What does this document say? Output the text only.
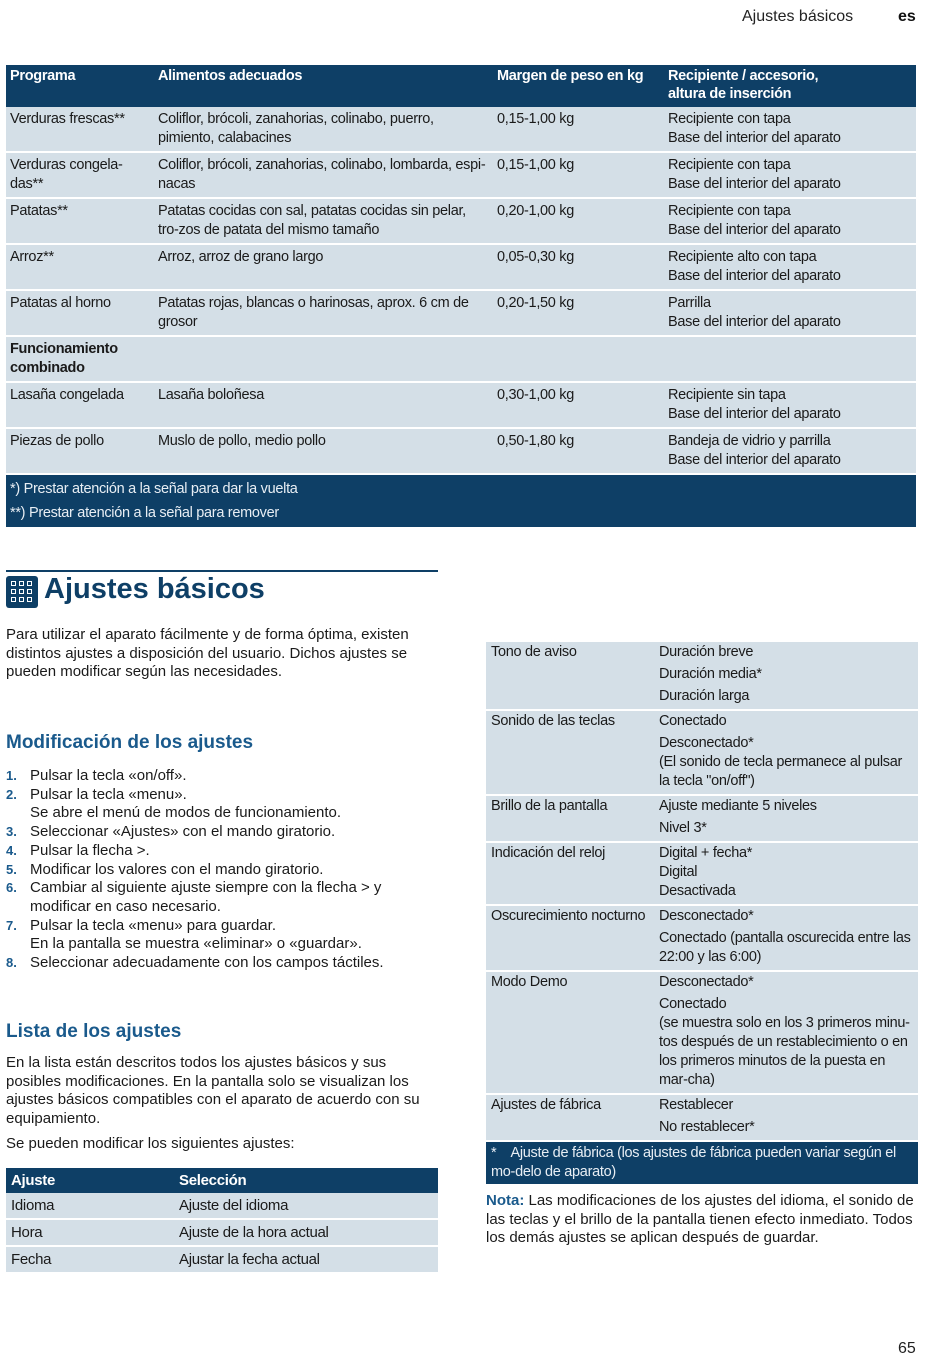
Ajustes básicos	es
Programa	Alimentos adecuados	Margen de peso en kg	Recipiente / accesorio, altura de inserción
Verduras frescas**	Coliflor, brócoli, zanahorias, colinabo, puerro, pimiento, calabacines	0,15-1,00 kg	Recipiente con tapa
Base del interior del aparato
Verduras congela-das**	Coliflor, brócoli, zanahorias, colinabo, lombarda, espi-nacas	0,15-1,00 kg	Recipiente con tapa
Base del interior del aparato
Patatas**	Patatas cocidas con sal, patatas cocidas sin pelar, tro-zos de patata del mismo tamaño	0,20-1,00 kg	Recipiente con tapa
Base del interior del aparato
Arroz**	Arroz, arroz de grano largo	0,05-0,30 kg	Recipiente alto con tapa
Base del interior del aparato
Patatas al horno	Patatas rojas, blancas o harinosas, aprox. 6 cm de grosor	0,20-1,50 kg	Parrilla
Base del interior del aparato
Funcionamiento combinado			
Lasaña congelada	Lasaña boloñesa	0,30-1,00 kg	Recipiente sin tapa
Base del interior del aparato
Piezas de pollo	Muslo de pollo, medio pollo	0,50-1,80 kg	Bandeja de vidrio y parrilla
Base del interior del aparato

*) Prestar atención a la señal para dar la vuelta
**) Prestar atención a la señal para remover			
Ajustes básicos

Para utilizar el aparato fácilmente y de forma óptima, existen distintos ajustes a disposición del usuario. Dichos ajustes se pueden modificar según las necesidades.

Modificación de los ajustes
1. Pulsar la tecla «on/off».
2. Pulsar la tecla «menu».
Se abre el menú de modos de funcionamiento.
3. Seleccionar «Ajustes» con el mando giratorio.
4. Pulsar la flecha >.
5. Modificar los valores con el mando giratorio.
6. Cambiar al siguiente ajuste siempre con la flecha > y modificar en caso necesario.
7. Pulsar la tecla «menu» para guardar.
En la pantalla se muestra «eliminar» o «guardar».
8. Seleccionar adecuadamente con los campos táctiles.
Lista de los ajustes

En la lista están descritos todos los ajustes básicos y sus posibles modificaciones. En la pantalla solo se visualizan los ajustes básicos compatibles con el aparato de acuerdo con su equipamiento.

Se pueden modificar los siguientes ajustes:

Ajuste	Selección
Idioma	Ajuste del idioma
Hora	Ajuste de la hora actual
Fecha	Ajustar la fecha actual
Tono de aviso	Duración breve
Duración media*
Duración larga

Sonido de las teclas	Conectado
Desconectado*
(El sonido de tecla permanece al pulsar la tecla "on/off")

Brillo de la pantalla	Ajuste mediante 5 niveles
Nivel 3*

Indicación del reloj	Digital + fecha*
Digital
Desactivada

Oscurecimiento nocturno	Desconectado*
Conectado (pantalla oscurecida entre las 22:00 y las 6:00)

Modo Demo	Desconectado*
Conectado
(se muestra solo en los 3 primeros minu-tos después de un restablecimiento o en los primeros minutos de la puesta en mar-cha)

Ajustes de fábrica	Restablecer
No restablecer*

*    Ajuste de fábrica (los ajustes de fábrica pueden variar según el mo-delo de aparato)	

Nota: Las modificaciones de los ajustes del idioma, el sonido de las teclas y el brillo de la pantalla tienen efecto inmediato. Todos los demás ajustes se aplican después de guardar.

65
